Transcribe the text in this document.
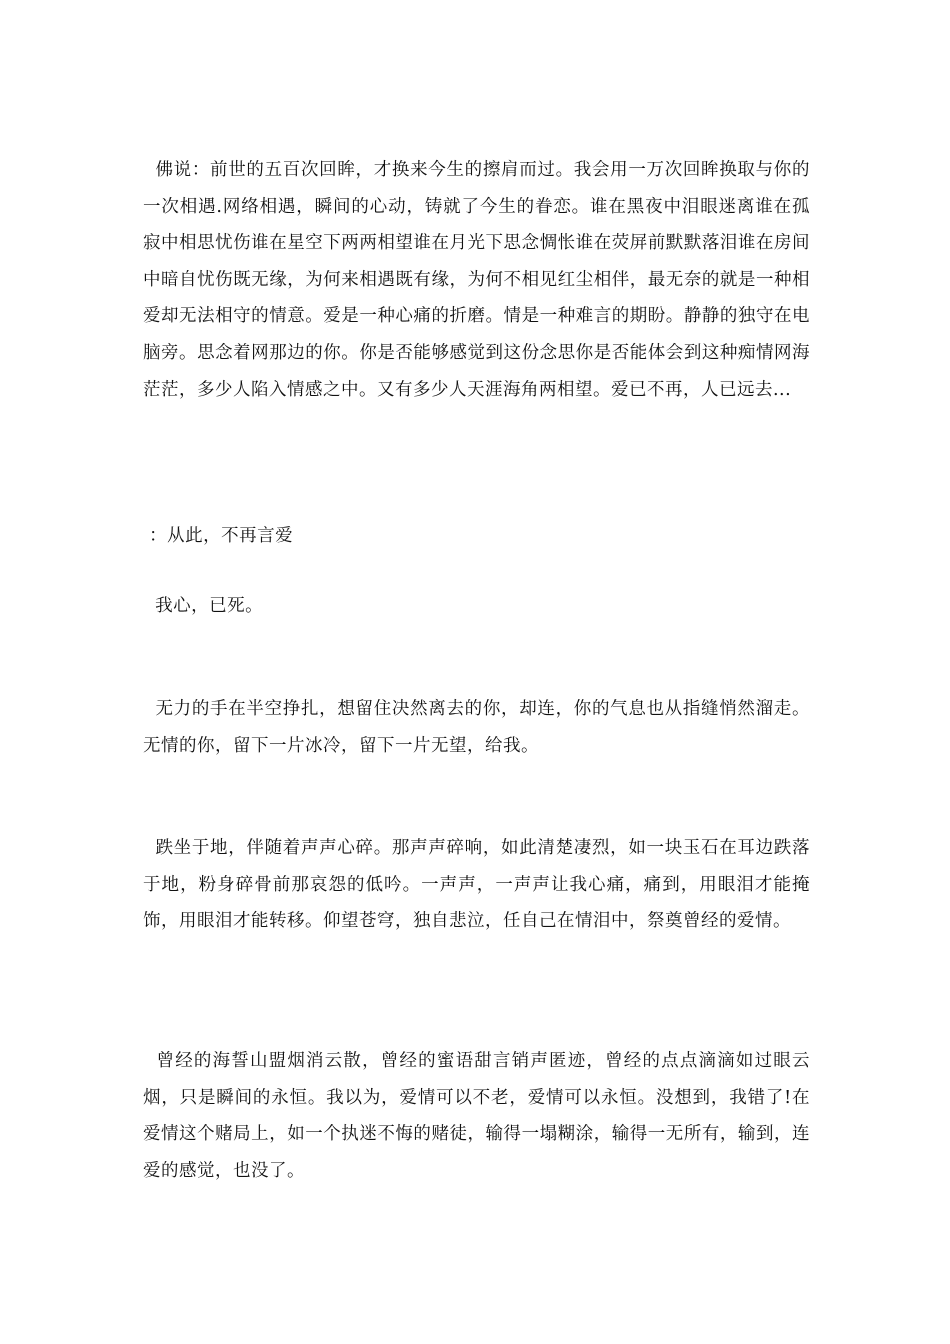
佛说：前世的五百次回眸，才换来今生的擦肩而过。我会用一万次回眸换取与你的一次相遇.网络相遇，瞬间的心动，铸就了今生的眷恋。谁在黑夜中泪眼迷离谁在孤寂中相思忧伤谁在星空下两两相望谁在月光下思念惆怅谁在荧屏前默默落泪谁在房间中暗自忧伤既无缘，为何来相遇既有缘，为何不相见红尘相伴，最无奈的就是一种相爱却无法相守的情意。爱是一种心痛的折磨。情是一种难言的期盼。静静的独守在电脑旁。思念着网那边的你。你是否能够感觉到这份念思你是否能体会到这种痴情网海茫茫，多少人陷入情感之中。又有多少人天涯海角两相望。爱已不再，人已远去...

：从此，不再言爱

我心，已死。

无力的手在半空挣扎，想留住决然离去的你，却连，你的气息也从指缝悄然溜走。无情的你，留下一片冰冷，留下一片无望，给我。

跌坐于地，伴随着声声心碎。那声声碎响，如此清楚凄烈，如一块玉石在耳边跌落于地，粉身碎骨前那哀怨的低吟。一声声，一声声让我心痛，痛到，用眼泪才能掩饰，用眼泪才能转移。仰望苍穹，独自悲泣，任自己在情泪中，祭奠曾经的爱情。

曾经的海誓山盟烟消云散，曾经的蜜语甜言销声匿迹，曾经的点点滴滴如过眼云烟，只是瞬间的永恒。我以为，爱情可以不老，爱情可以永恒。没想到，我错了!在爱情这个赌局上，如一个执迷不悔的赌徒，输得一塌糊涂，输得一无所有，输到，连爱的感觉，也没了。
